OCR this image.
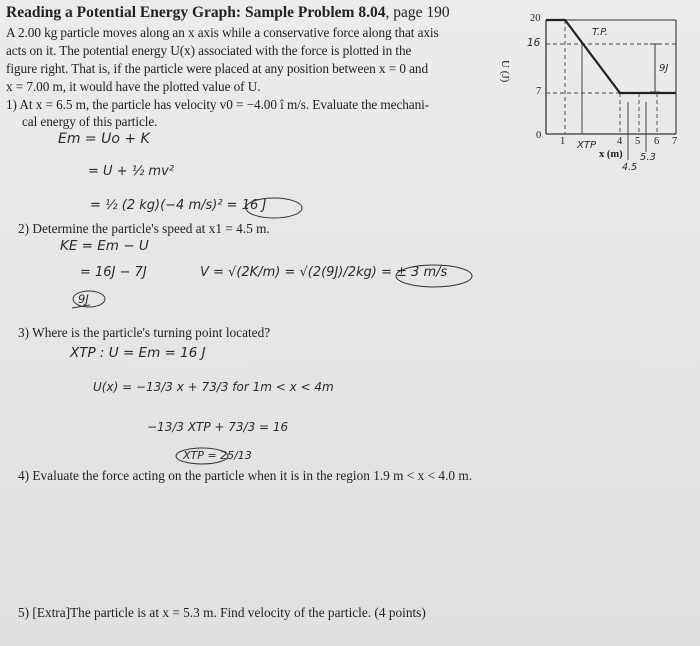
Reading a Potential Energy Graph: Sample Problem 8.04, page 190
A 2.00 kg particle moves along an x axis while a conservative force along that axis
acts on it. The potential energy U(x) associated with the force is plotted in the
figure right. That is, if the particle were placed at any position between x = 0 and
x = 7.00 m, it would have the plotted value of U.
1) At x = 6.5 m, the particle has velocity v0 = −4.00 î m/s. Evaluate the mechani-
cal energy of this particle.
Em = Uo + K
= U + ½ mv²
= ½ (2 kg)(−4 m/s)² = 16 J
2) Determine the particle's speed at x1 = 4.5 m.
KE = Em − U
= 16J − 7J	V = √(2K/m) = √(2(9J)/2kg) = ± 3 m/s
9J
3) Where is the particle's turning point located?
XTP : U = Em = 16 J
U(x) = −13/3 x + 73/3 for 1m < x < 4m
−13/3 XTP + 73/3 = 16
XTP = 25/13
4) Evaluate the force acting on the particle when it is in the region 1.9 m < x < 4.0 m.
5) [Extra]The particle is at x = 5.3 m. Find velocity of the particle. (4 points)
20
16
7
0
U (J)
1	4 5 6 7
x (m)
T.P.
9J
XTP
5.3
4.5
